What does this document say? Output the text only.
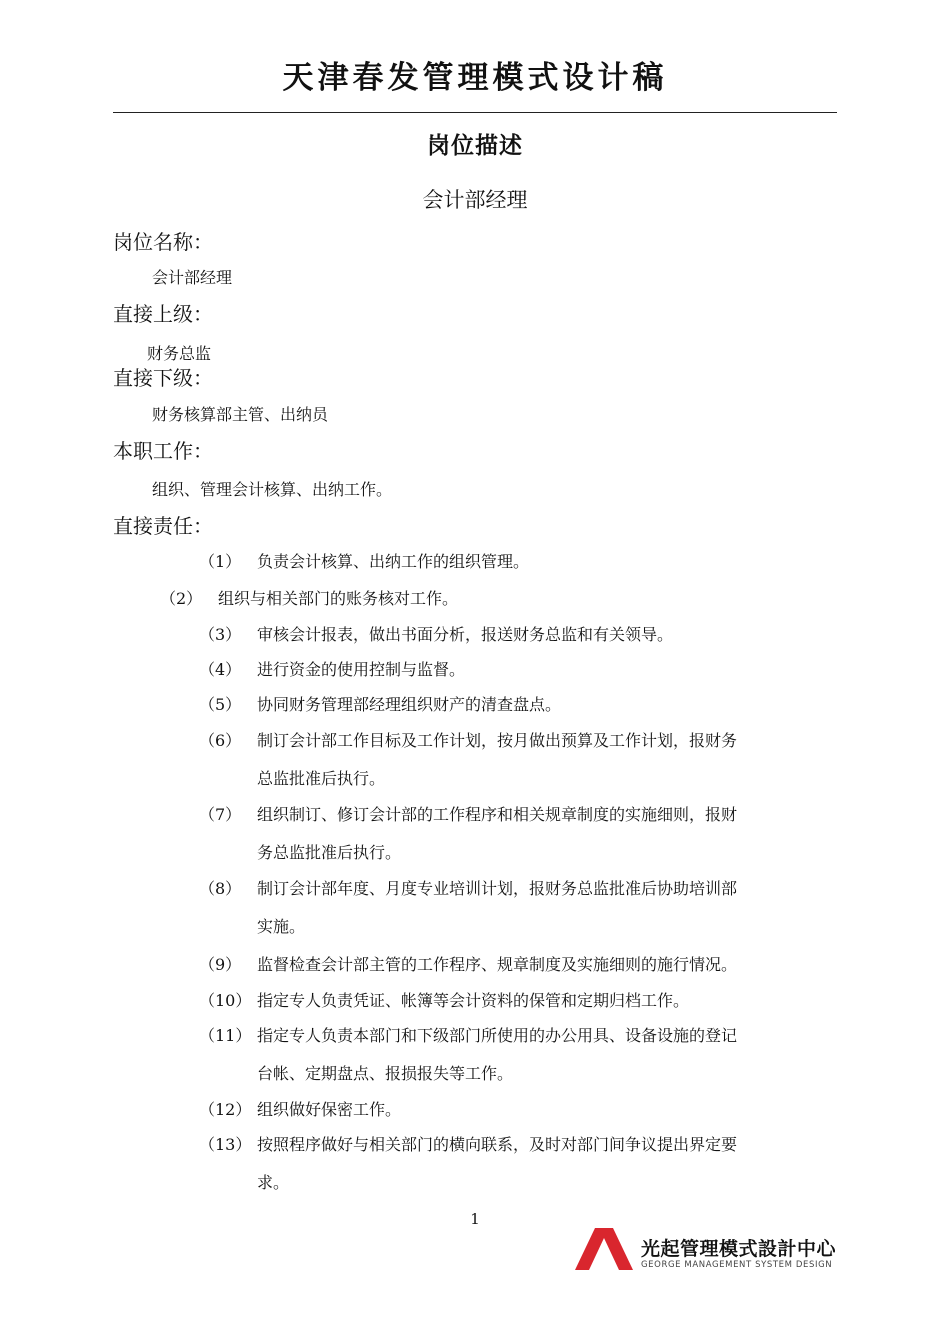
天津春发管理模式设计稿
岗位描述
会计部经理
岗位名称：
会计部经理
直接上级：
财务总监
直接下级：
财务核算部主管、出纳员
本职工作：
组织、管理会计核算、出纳工作。
直接责任：
（1） 负责会计核算、出纳工作的组织管理。
（2） 组织与相关部门的账务核对工作。
（3） 审核会计报表，做出书面分析，报送财务总监和有关领导。
（4） 进行资金的使用控制与监督。
（5） 协同财务管理部经理组织财产的清查盘点。
（6） 制订会计部工作目标及工作计划，按月做出预算及工作计划，报财务
总监批准后执行。
（7） 组织制订、修订会计部的工作程序和相关规章制度的实施细则，报财
务总监批准后执行。
（8） 制订会计部年度、月度专业培训计划，报财务总监批准后协助培训部
实施。
（9） 监督检查会计部主管的工作程序、规章制度及实施细则的施行情况。
（10） 指定专人负责凭证、帐簿等会计资料的保管和定期归档工作。
（11） 指定专人负责本部门和下级部门所使用的办公用具、设备设施的登记
台帐、定期盘点、报损报失等工作。
（12） 组织做好保密工作。
（13） 按照程序做好与相关部门的横向联系，及时对部门间争议提出界定要
求。
1
光起管理模式設計中心
GEORGE MANAGEMENT SYSTEM DESIGN
